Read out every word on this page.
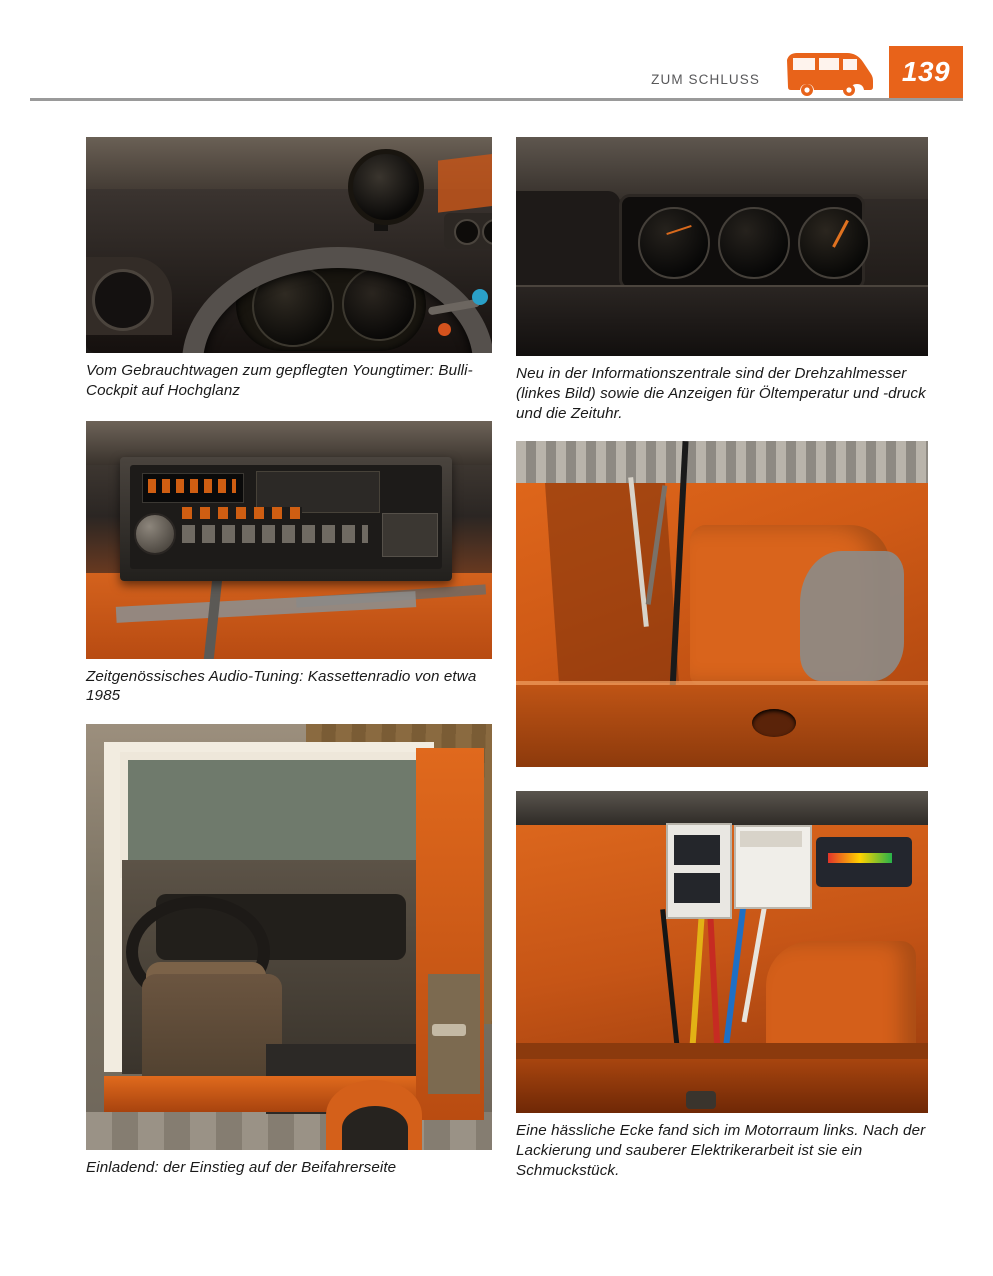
ZUM SCHLUSS	139
Vom Gebrauchtwagen zum gepflegten Youngtimer: Bulli-Cockpit auf Hochglanz
Zeitgenössisches Audio-Tuning: Kassettenradio von etwa 1985
Einladend: der Einstieg auf der Beifahrerseite
Neu in der Informationszentrale sind der Drehzahlmesser (linkes Bild) sowie die Anzeigen für Öltemperatur und -druck und die Zeituhr.
Eine hässliche Ecke fand sich im Motorraum links. Nach der Lackierung und sauberer Elektrikerarbeit ist sie ein Schmuckstück.
